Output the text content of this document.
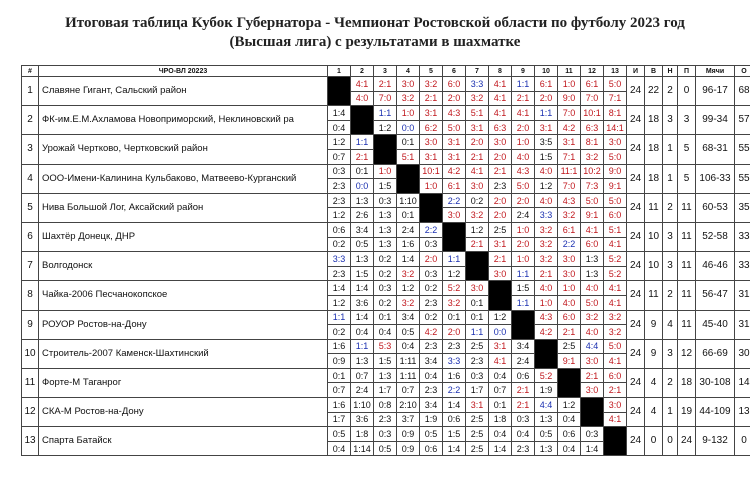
Итоговая таблица Кубок Губернатора - Чемпионат Ростовской области по футболу 2023 год
(Высшая лига) с результатами в шахматке
#	ЧРО-ВЛ 20223	1	2	3	4	5	6	7	8	9	10	11	12	13	И	В	Н	П	Мячи	О
1	Славяне Гигант, Сальский район		4:1	2:1	3:0	3:2	6:0	3:3	4:1	1:1	6:1	1:0	6:1	5:0	24	22	2	0	96-17	68
			4:0	7:0	3:2	2:1	2:0	3:2	4:1	2:1	2:0	9:0	7:0	7:1						
2	ФК-им.Е.М.Ахламова Новоприморский, Неклиновский ра	1:4		1:1	1:0	3:1	4:3	5:1	4:1	4:1	1:1	7:0	10:1	8:1	24	18	3	3	99-34	57
		0:4		1:2	0:0	6:2	5:0	3:1	6:3	2:0	3:1	4:2	6:3	14:1						
3	Урожай Чертково, Чертковский район	1:2	1:1		0:1	3:0	3:1	2:0	3:0	1:0	3:5	3:1	8:1	3:0	24	18	1	5	68-31	55
		0:7	2:1		5:1	3:1	3:1	2:1	2:0	4:0	1:5	7:1	3:2	5:0						
4	ООО-Имени-Калинина Кульбаково, Матвеево-Курганский	0:3	0:1	1:0		10:1	4:2	4:1	2:1	4:3	4:0	11:1	10:2	9:0	24	18	1	5	106-33	55
		2:3	0:0	1:5		1:0	6:1	3:0	2:3	5:0	1:2	7:0	7:3	9:1						
5	Нива Большой Лог, Аксайский район	2:3	1:3	0:3	1:10		2:2	0:2	2:0	2:0	4:0	4:3	5:0	5:0	24	11	2	11	60-53	35
		1:2	2:6	1:3	0:1		3:0	3:2	2:0	2:4	3:3	3:2	9:1	6:0						
6	Шахтёр Донецк, ДНР	0:6	3:4	1:3	2:4	2:2		1:2	2:5	1:0	3:2	6:1	4:1	5:1	24	10	3	11	52-58	33
		0:2	0:5	1:3	1:6	0:3		2:1	3:1	2:0	3:2	2:2	6:0	4:1						
7	Волгодонск	3:3	1:3	0:2	1:4	2:0	1:1		2:1	1:0	3:2	3:0	1:3	5:2	24	10	3	11	46-46	33
		2:3	1:5	0:2	3:2	0:3	1:2		3:0	1:1	2:1	3:0	1:3	5:2						
8	Чайка-2006 Песчанокопское	1:4	1:4	0:3	1:2	0:2	5:2	3:0		1:5	4:0	1:0	4:0	4:1	24	11	2	11	56-47	31
		1:2	3:6	0:2	3:2	2:3	3:2	0:1		1:1	1:0	4:0	5:0	4:1						
9	РОУОР Ростов-на-Дону	1:1	1:4	0:1	3:4	0:2	0:1	0:1	1:2		4:3	6:0	3:2	3:2	24	9	4	11	45-40	31
		0:2	0:4	0:4	0:5	4:2	2:0	1:1	0:0		4:2	2:1	4:0	3:2						
10	Строитель-2007 Каменск-Шахтинский	1:6	1:1	5:3	0:4	2:3	2:3	2:5	3:1	3:4		2:5	4:4	5:0	24	9	3	12	66-69	30
		0:9	1:3	1:5	1:11	3:4	3:3	2:3	4:1	2:4		9:1	3:0	4:1						
11	Форте-М Таганрог	0:1	0:7	1:3	1:11	0:4	1:6	0:3	0:4	0:6	5:2		2:1	6:0	24	4	2	18	30-108	14
		0:7	2:4	1:7	0:7	2:3	2:2	1:7	0:7	2:1	1:9		3:0	2:1						
12	СКА-М Ростов-на-Дону	1:6	1:10	0:8	2:10	3:4	1:4	3:1	0:1	2:1	4:4	1:2		3:0	24	4	1	19	44-109	13
		1:7	3:6	2:3	3:7	1:9	0:6	2:5	1:8	0:3	1:3	0:4		4:1						
13	Спарта Батайск	0:5	1:8	0:3	0:9	0:5	1:5	2:5	0:4	0:4	0:5	0:6	0:3		24	0	0	24	9-132	0
		0:4	1:14	0:5	0:9	0:6	1:4	2:5	1:4	2:3	1:3	0:4	1:4							
